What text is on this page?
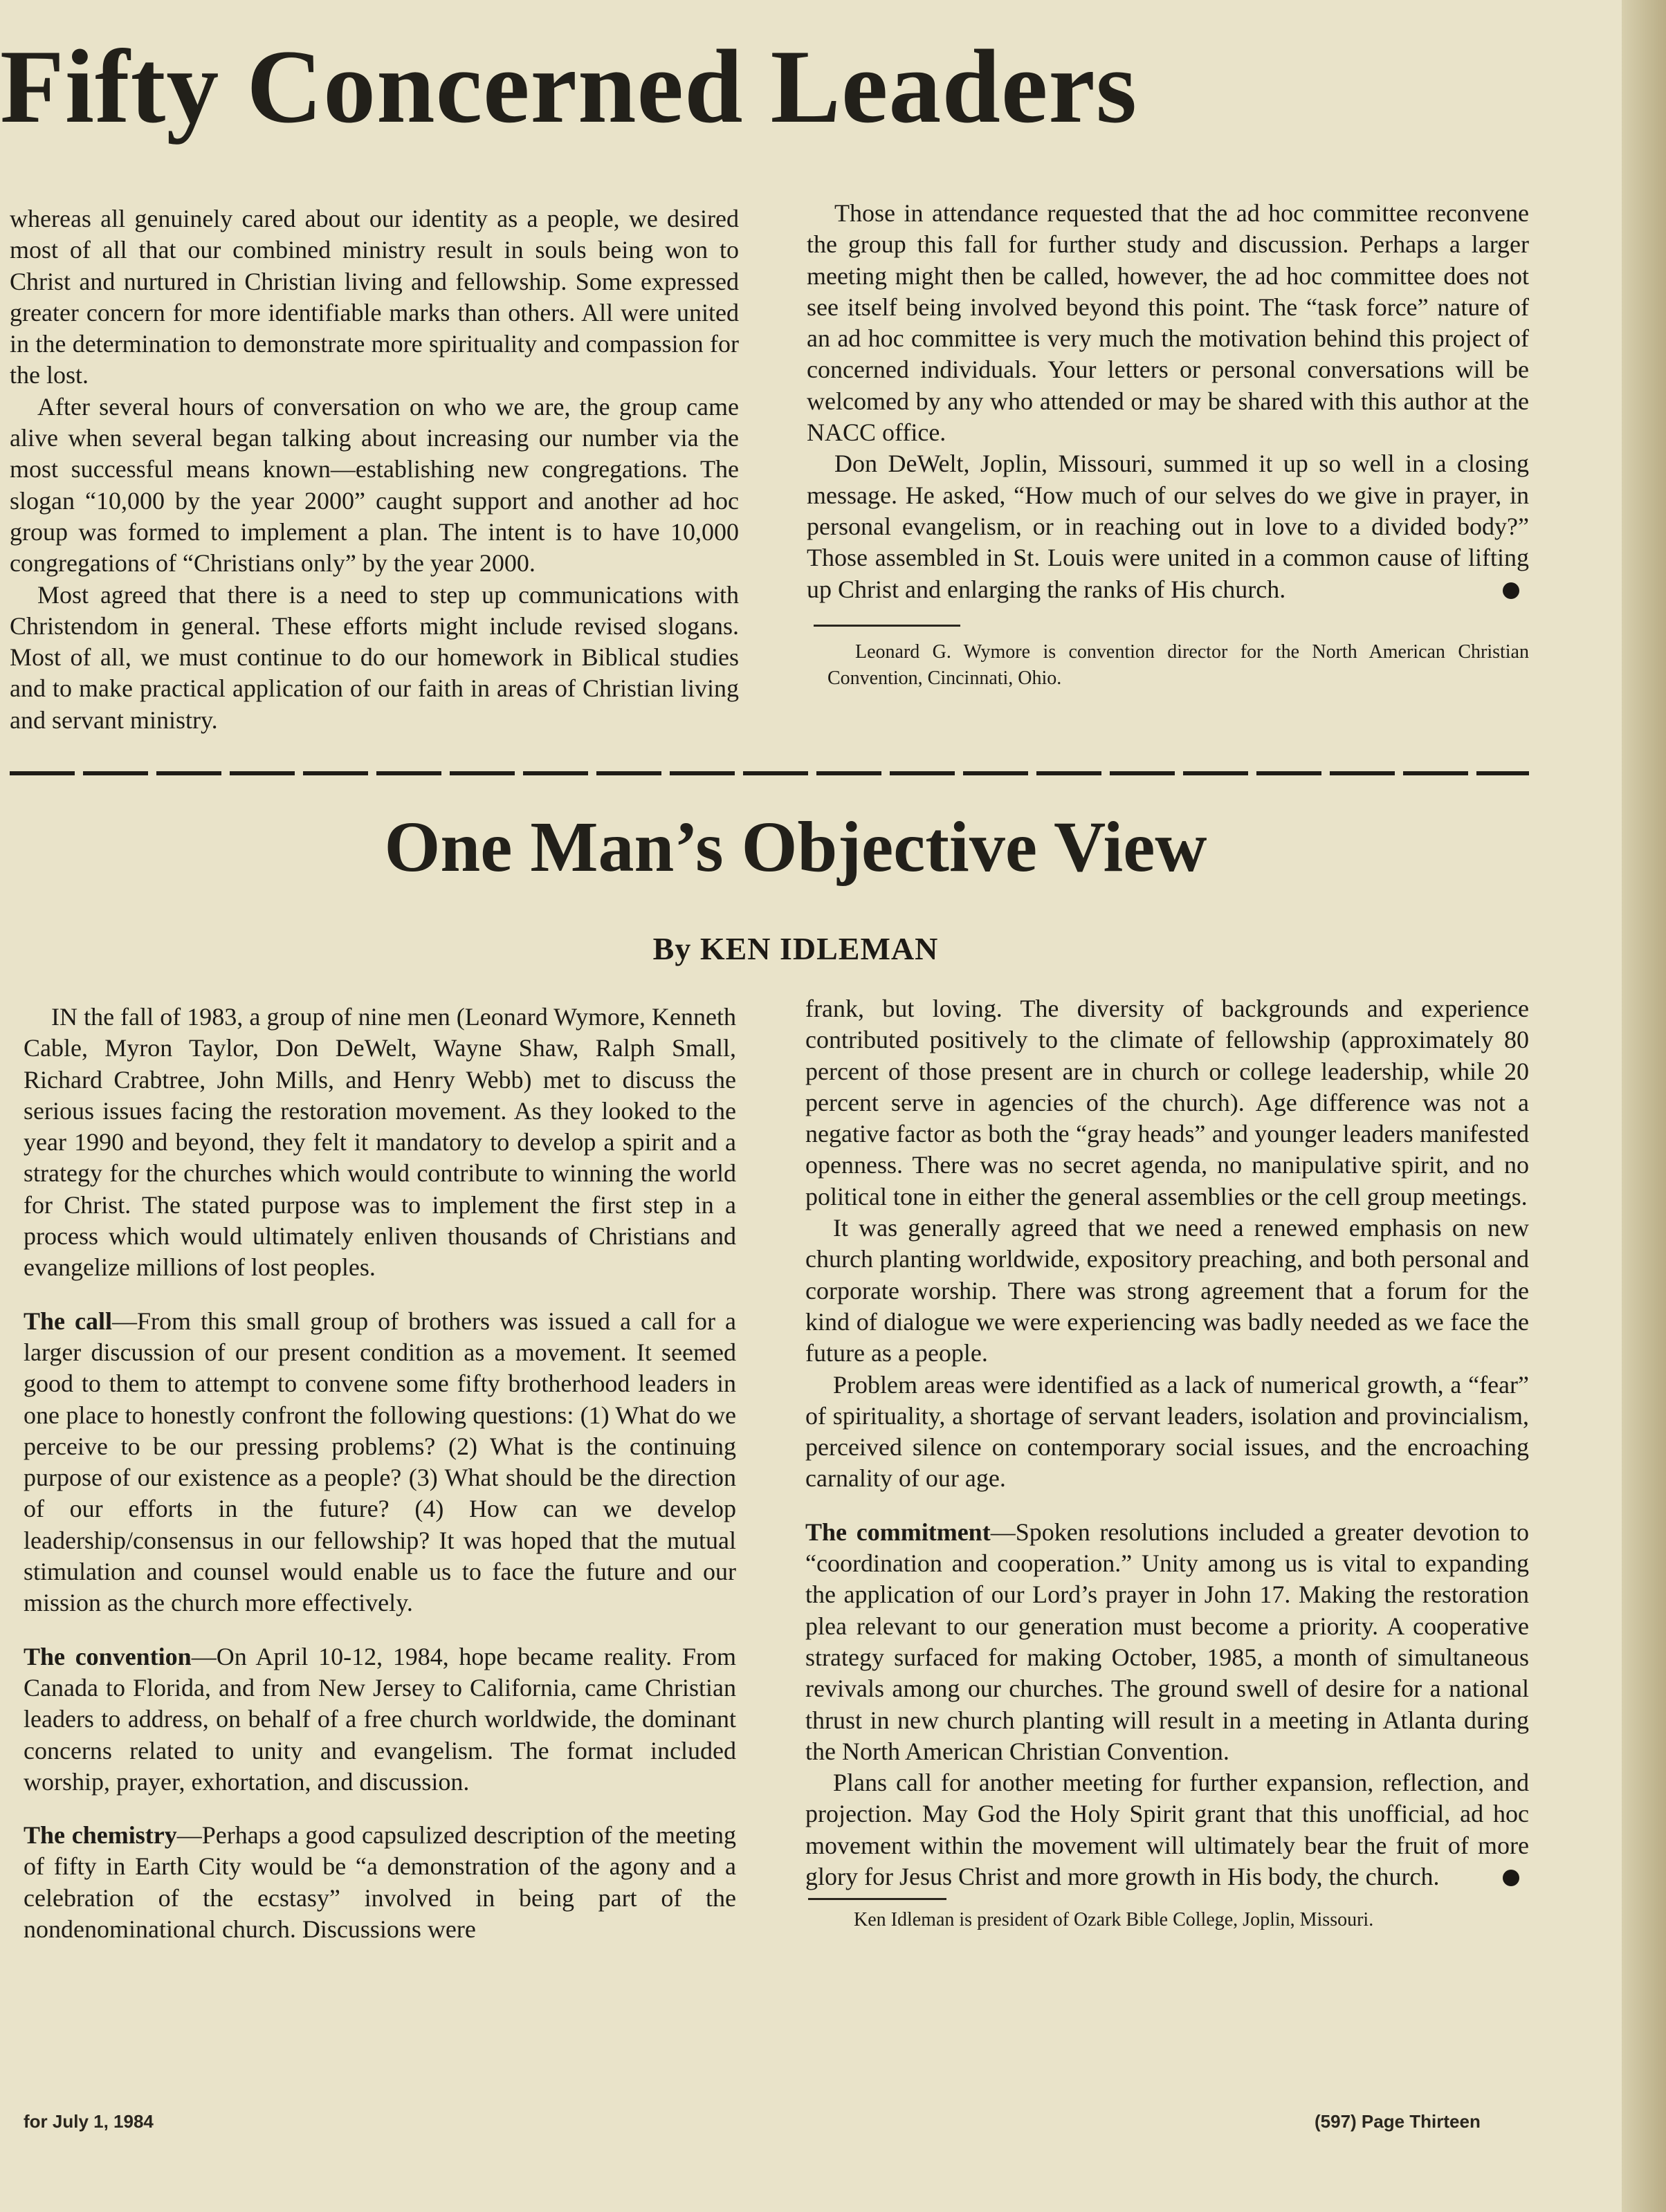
Fifty Concerned Leaders

whereas all genuinely cared about our identity as a people, we desired most of all that our combined ministry result in souls being won to Christ and nurtured in Christian living and fellowship. Some expressed greater concern for more identifiable marks than others. All were united in the determination to demonstrate more spirituality and compassion for the lost.

After several hours of conversation on who we are, the group came alive when several began talking about increasing our number via the most successful means known—establishing new congregations. The slogan “10,000 by the year 2000” caught support and another ad hoc group was formed to implement a plan. The intent is to have 10,000 congregations of “Christians only” by the year 2000.

Most agreed that there is a need to step up communications with Christendom in general. These efforts might include revised slogans. Most of all, we must continue to do our homework in Biblical studies and to make practical application of our faith in areas of Christian living and servant ministry.

Those in attendance requested that the ad hoc committee reconvene the group this fall for further study and discussion. Perhaps a larger meeting might then be called, however, the ad hoc committee does not see itself being involved beyond this point. The “task force” nature of an ad hoc committee is very much the motivation behind this project of concerned individuals. Your letters or personal conversations will be welcomed by any who attended or may be shared with this author at the NACC office.

Don DeWelt, Joplin, Missouri, summed it up so well in a closing message. He asked, “How much of our selves do we give in prayer, in personal evangelism, or in reaching out in love to a divided body?” Those assembled in St. Louis were united in a common cause of lifting up Christ and enlarging the ranks of His church.

Leonard G. Wymore is convention director for the North American Christian Convention, Cincinnati, Ohio.

One Man’s Objective View
By KEN IDLEMAN

IN the fall of 1983, a group of nine men (Leonard Wymore, Kenneth Cable, Myron Taylor, Don DeWelt, Wayne Shaw, Ralph Small, Richard Crabtree, John Mills, and Henry Webb) met to discuss the serious issues facing the restoration movement. As they looked to the year 1990 and beyond, they felt it mandatory to develop a spirit and a strategy for the churches which would contribute to winning the world for Christ. The stated purpose was to implement the first step in a process which would ultimately enliven thousands of Christians and evangelize millions of lost peoples.

The call—From this small group of brothers was issued a call for a larger discussion of our present condition as a movement. It seemed good to them to attempt to convene some fifty brotherhood leaders in one place to honestly confront the following questions: (1) What do we perceive to be our pressing problems? (2) What is the continuing purpose of our existence as a people? (3) What should be the direction of our efforts in the future? (4) How can we develop leadership/consensus in our fellowship? It was hoped that the mutual stimulation and counsel would enable us to face the future and our mission as the church more effectively.

The convention—On April 10-12, 1984, hope became reality. From Canada to Florida, and from New Jersey to California, came Christian leaders to address, on behalf of a free church worldwide, the dominant concerns related to unity and evangelism. The format included worship, prayer, exhortation, and discussion.

The chemistry—Perhaps a good capsulized description of the meeting of fifty in Earth City would be “a demonstration of the agony and a celebration of the ecstasy” involved in being part of the nondenominational church. Discussions were

frank, but loving. The diversity of backgrounds and experience contributed positively to the climate of fellowship (approximately 80 percent of those present are in church or college leadership, while 20 percent serve in agencies of the church). Age difference was not a negative factor as both the “gray heads” and younger leaders manifested openness. There was no secret agenda, no manipulative spirit, and no political tone in either the general assemblies or the cell group meetings.

It was generally agreed that we need a renewed emphasis on new church planting worldwide, expository preaching, and both personal and corporate worship. There was strong agreement that a forum for the kind of dialogue we were experiencing was badly needed as we face the future as a people.

Problem areas were identified as a lack of numerical growth, a “fear” of spirituality, a shortage of servant leaders, isolation and provincialism, perceived silence on contemporary social issues, and the encroaching carnality of our age.

The commitment—Spoken resolutions included a greater devotion to “coordination and cooperation.” Unity among us is vital to expanding the application of our Lord’s prayer in John 17. Making the restoration plea relevant to our generation must become a priority. A cooperative strategy surfaced for making October, 1985, a month of simultaneous revivals among our churches. The ground swell of desire for a national thrust in new church planting will result in a meeting in Atlanta during the North American Christian Convention.

Plans call for another meeting for further expansion, reflection, and projection. May God the Holy Spirit grant that this unofficial, ad hoc movement within the movement will ultimately bear the fruit of more glory for Jesus Christ and more growth in His body, the church.

Ken Idleman is president of Ozark Bible College, Joplin, Missouri.

for July 1, 1984	(597) Page Thirteen
